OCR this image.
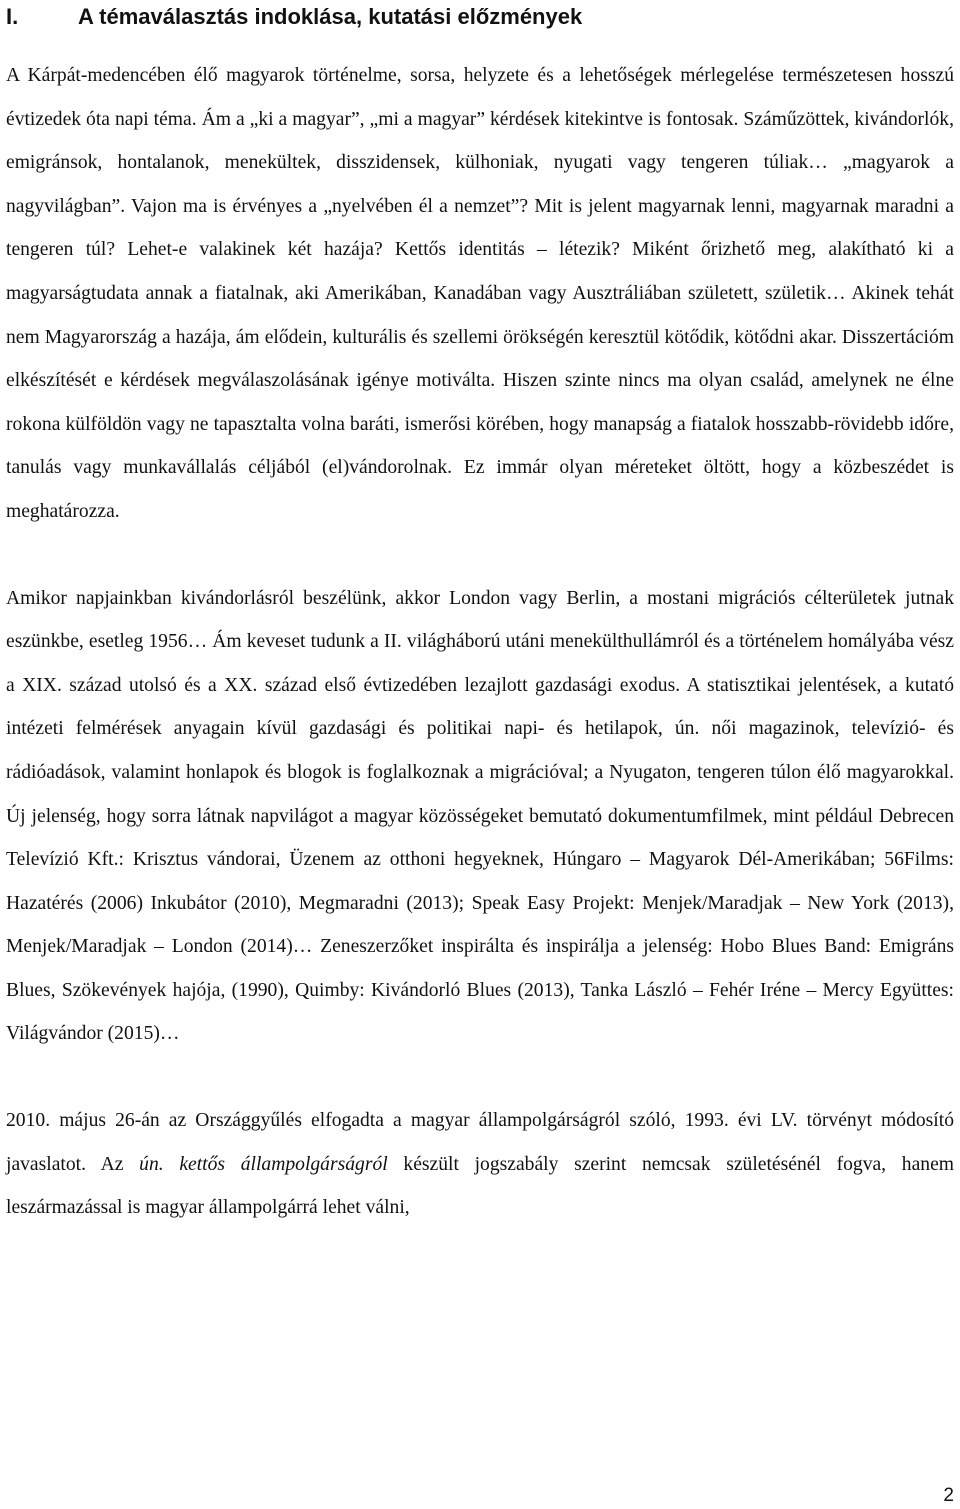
I.	A témaválasztás indoklása, kutatási előzmények

A Kárpát-medencében élő magyarok történelme, sorsa, helyzete és a lehetőségek mérlegelése természetesen hosszú évtizedek óta napi téma. Ám a „ki a magyar”, „mi a magyar” kérdések kitekintve is fontosak. Száműzöttek, kivándorlók, emigránsok, hontalanok, menekültek, disszidensek, külhoniak, nyugati vagy tengeren túliak… „magyarok a nagyvilágban”. Vajon ma is érvényes a „nyelvében él a nemzet”? Mit is jelent magyarnak lenni, magyarnak maradni a tengeren túl? Lehet-e valakinek két hazája? Kettős identitás – létezik? Miként őrizhető meg, alakítható ki a magyarságtudata annak a fiatalnak, aki Amerikában, Kanadában vagy Ausztráliában született, születik… Akinek tehát nem Magyarország a hazája, ám elődein, kulturális és szellemi örökségén keresztül kötődik, kötődni akar. Disszertációm elkészítését e kérdések megválaszolásának igénye motiválta. Hiszen szinte nincs ma olyan család, amelynek ne élne rokona külföldön vagy ne tapasztalta volna baráti, ismerősi körében, hogy manapság a fiatalok hosszabb-rövidebb időre, tanulás vagy munkavállalás céljából (el)vándorolnak. Ez immár olyan méreteket öltött, hogy a közbeszédet is meghatározza.

Amikor napjainkban kivándorlásról beszélünk, akkor London vagy Berlin, a mostani migrációs célterületek jutnak eszünkbe, esetleg 1956… Ám keveset tudunk a II. világháború utáni menekülthullámról és a történelem homályába vész a XIX. század utolsó és a XX. század első évtizedében lezajlott gazdasági exodus. A statisztikai jelentések, a kutató intézeti felmérések anyagain kívül gazdasági és politikai napi- és hetilapok, ún. női magazinok, televízió- és rádióadások, valamint honlapok és blogok is foglalkoznak a migrációval; a Nyugaton, tengeren túlon élő magyarokkal. Új jelenség, hogy sorra látnak napvilágot a magyar közösségeket bemutató dokumentumfilmek, mint például Debrecen Televízió Kft.: Krisztus vándorai, Üzenem az otthoni hegyeknek, Húngaro – Magyarok Dél-Amerikában; 56Films: Hazatérés (2006) Inkubátor (2010), Megmaradni (2013); Speak Easy Projekt: Menjek/Maradjak – New York (2013), Menjek/Maradjak – London (2014)… Zeneszerzőket inspirálta és inspirálja a jelenség: Hobo Blues Band: Emigráns Blues, Szökevények hajója, (1990), Quimby: Kivándorló Blues (2013), Tanka László – Fehér Iréne – Mercy Együttes: Világvándor (2015)…

2010. május 26-án az Országgyűlés elfogadta a magyar állampolgárságról szóló, 1993. évi LV. törvényt módosító javaslatot. Az ún. kettős állampolgárságról készült jogszabály szerint nemcsak születésénél fogva, hanem leszármazással is magyar állampolgárrá lehet válni,

2
